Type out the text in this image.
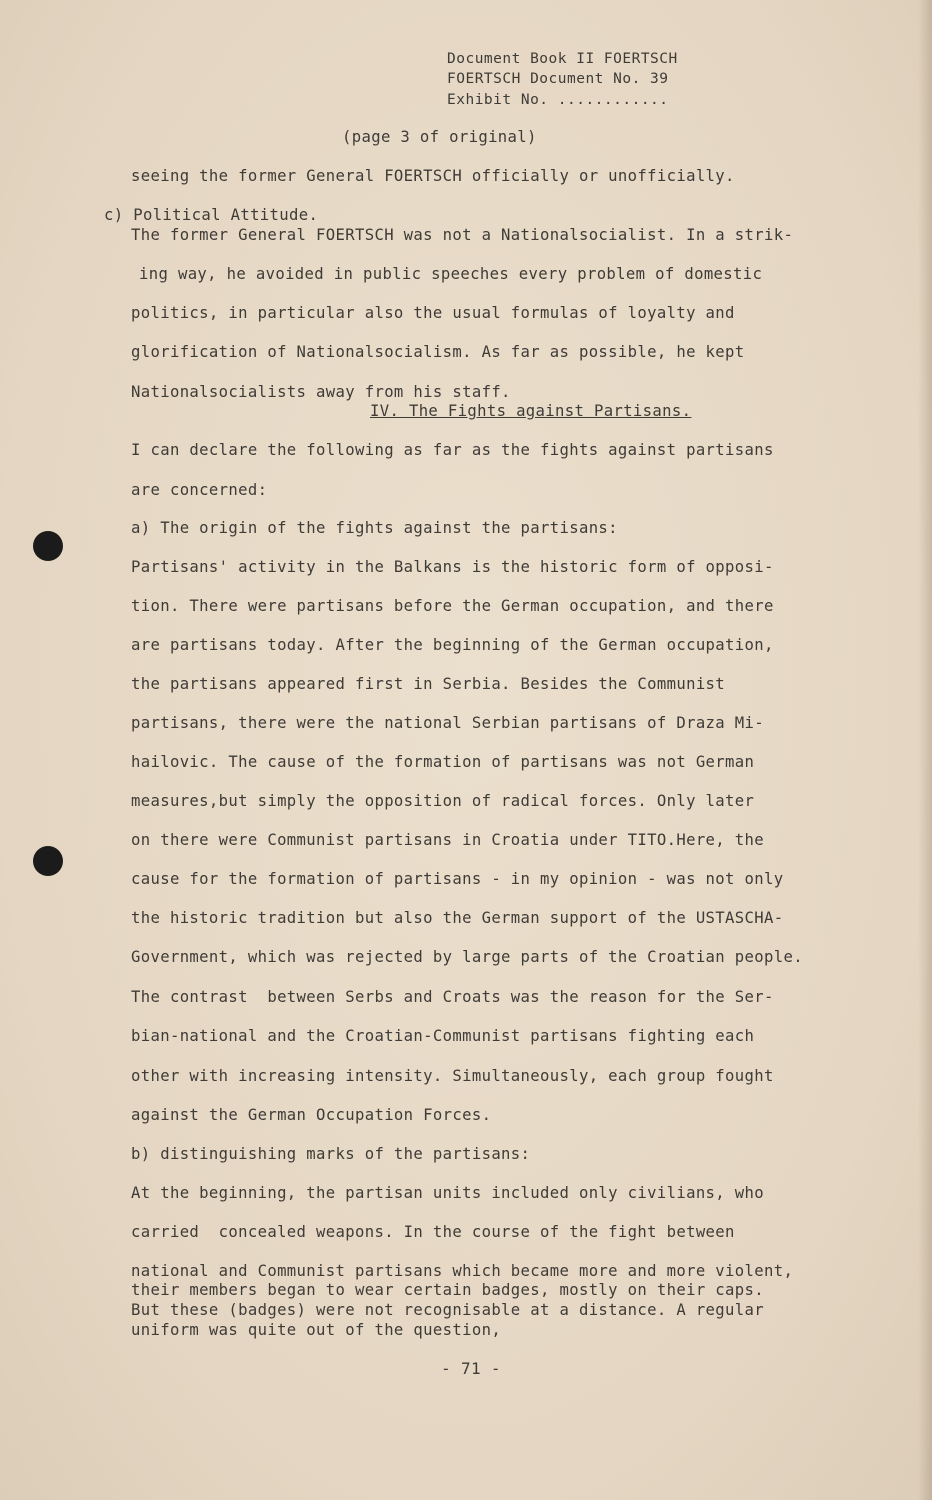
Document Book II FOERTSCH
FOERTSCH Document No. 39
Exhibit No. ............
(page 3 of original)
seeing the former General FOERTSCH officially or unofficially.
c) Political Attitude.
The former General FOERTSCH was not a Nationalsocialist. In a strik-
ing way, he avoided in public speeches every problem of domestic
politics, in particular also the usual formulas of loyalty and
glorification of Nationalsocialism. As far as possible, he kept
Nationalsocialists away from his staff.
IV. The Fights against Partisans.
I can declare the following as far as the fights against partisans
are concerned:
a) The origin of the fights against the partisans:
Partisans' activity in the Balkans is the historic form of opposi-
tion. There were partisans before the German occupation, and there
are partisans today. After the beginning of the German occupation,
the partisans appeared first in Serbia. Besides the Communist
partisans, there were the national Serbian partisans of Draza Mi-
hailovic. The cause of the formation of partisans was not German
measures,but simply the opposition of radical forces. Only later
on there were Communist partisans in Croatia under TITO.Here, the
cause for the formation of partisans - in my opinion - was not only
the historic tradition but also the German support of the USTASCHA-
Government, which was rejected by large parts of the Croatian people.
The contrast  between Serbs and Croats was the reason for the Ser-
bian-national and the Croatian-Communist partisans fighting each
other with increasing intensity. Simultaneously, each group fought
against the German Occupation Forces.
b) distinguishing marks of the partisans:
At the beginning, the partisan units included only civilians, who
carried  concealed weapons. In the course of the fight between
national and Communist partisans which became more and more violent,
their members began to wear certain badges, mostly on their caps.
But these (badges) were not recognisable at a distance. A regular
uniform was quite out of the question,
- 71 -
